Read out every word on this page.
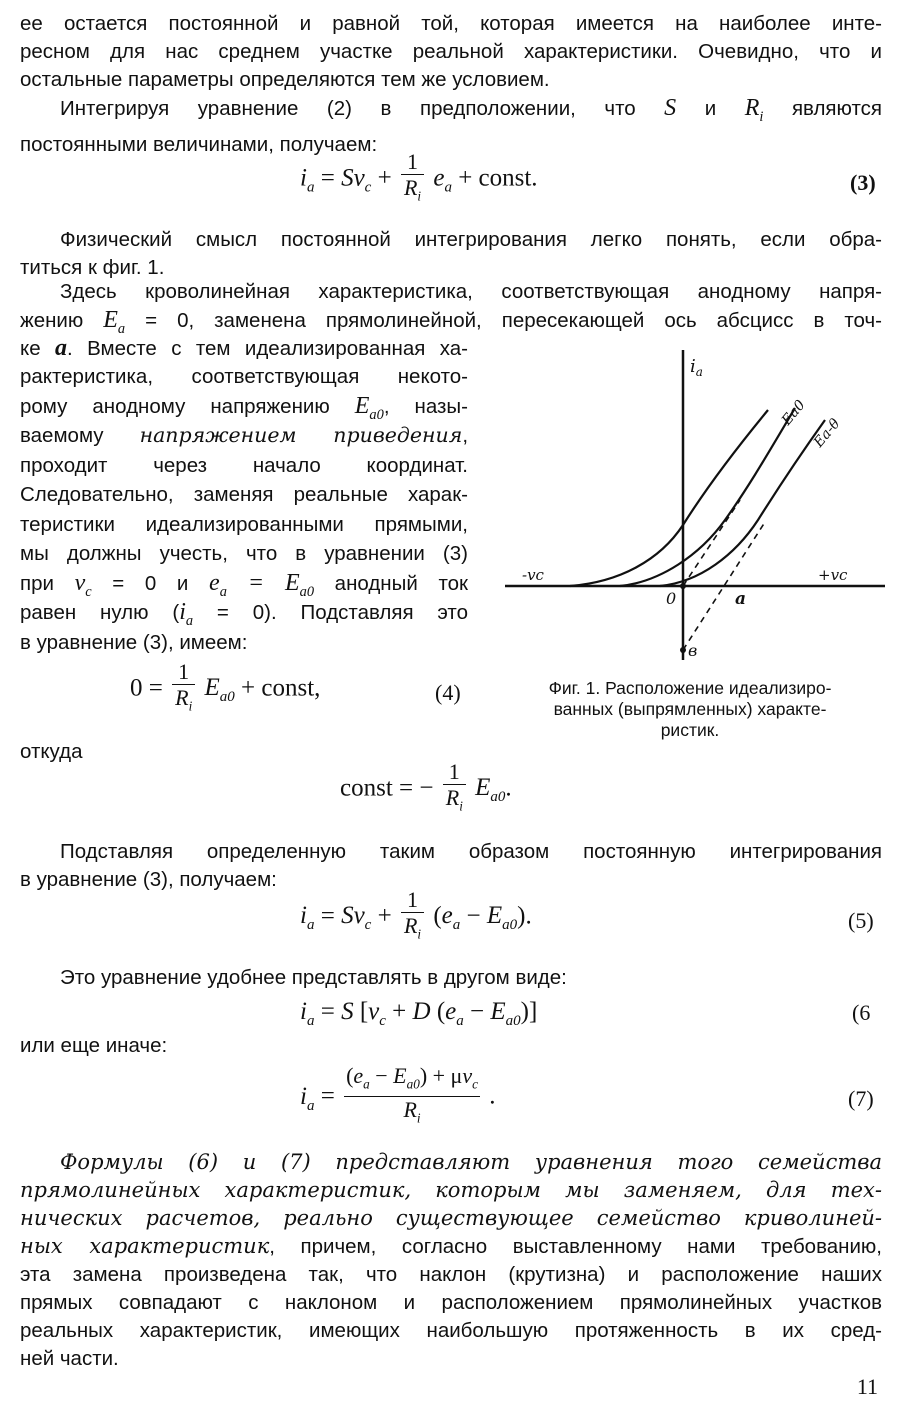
ее остается постоянной и равной той, которая имеется на наиболее инте-

ресном для нас среднем участке реальной характеристики. Очевидно, что и

остальные параметры определяются тем же условием.

Интегрируя уравнение (2) в предположении, что S и $R_i$ являются

постоянными величинами, получаем:

$i_a = Sv_c + \frac{1}{R_i} e_a$ + const.	(3)

Физический смысл постоянной интегрирования легко понять, если обра-

титься к фиг. 1.

Здесь кроволинейная характеристика, соответствующая анодному напря-

жению $E_a = 0$, заменена прямолинейной, пересекающей ось абсцисс в точ-

ке a. Вместе с тем идеализированная ха-

рактеристика, соответствующая некото-
рому анодному напряжению $E_{a0}$, назы-
ваемому напряжением приведения,
проходит через начало координат.
Следовательно, заменяя реальные харак-
теристики идеализированными прямыми,
мы должны учесть, что в уравнении (3)
при $v_c = 0$ и $e_a = E_{a0}$ анодный ток
равен нулю $(i_a = 0)$. Подставляя это
в уравнение (3), имеем:
$i_a$
-vc	+vc
0	a
в
Ea0
Ea-θ
Фиг. 1. Расположение идеализиро-
ванных (выпрямленных) характе-
ристик.
$0 = \frac{1}{R_i} E_{a0}$ + const,	(4)

откуда

const = − $\frac{1}{R_i} E_{a0}$.

Подставляя определенную таким образом постоянную интегрирования

в уравнение (3), получаем:

$i_a = Sv_c + \frac{1}{R_i} (e_a - E_{a0})$.	(5)

Это уравнение удобнее представлять в другом виде:

$i_a = S$ [$v_c + D$ $(e_a - E_{a0})$]	(6

или еще иначе:

$i_a = \frac{(e_a - E_{a0}) + \mu v_c}{R_i}$ .	(7)

Формулы (6) и (7) представляют уравнения того семейства

прямолинейных характеристик, которым мы заменяем, для тех-

нических расчетов, реально существующее семейство криволиней-

ных характеристик, причем, согласно выставленному нами требованию,

эта замена произведена так, что наклон (крутизна) и расположение наших

прямых совпадают с наклоном и расположением прямолинейных участков

реальных характеристик, имеющих наибольшую протяженность в их сред-

ней части.

11
